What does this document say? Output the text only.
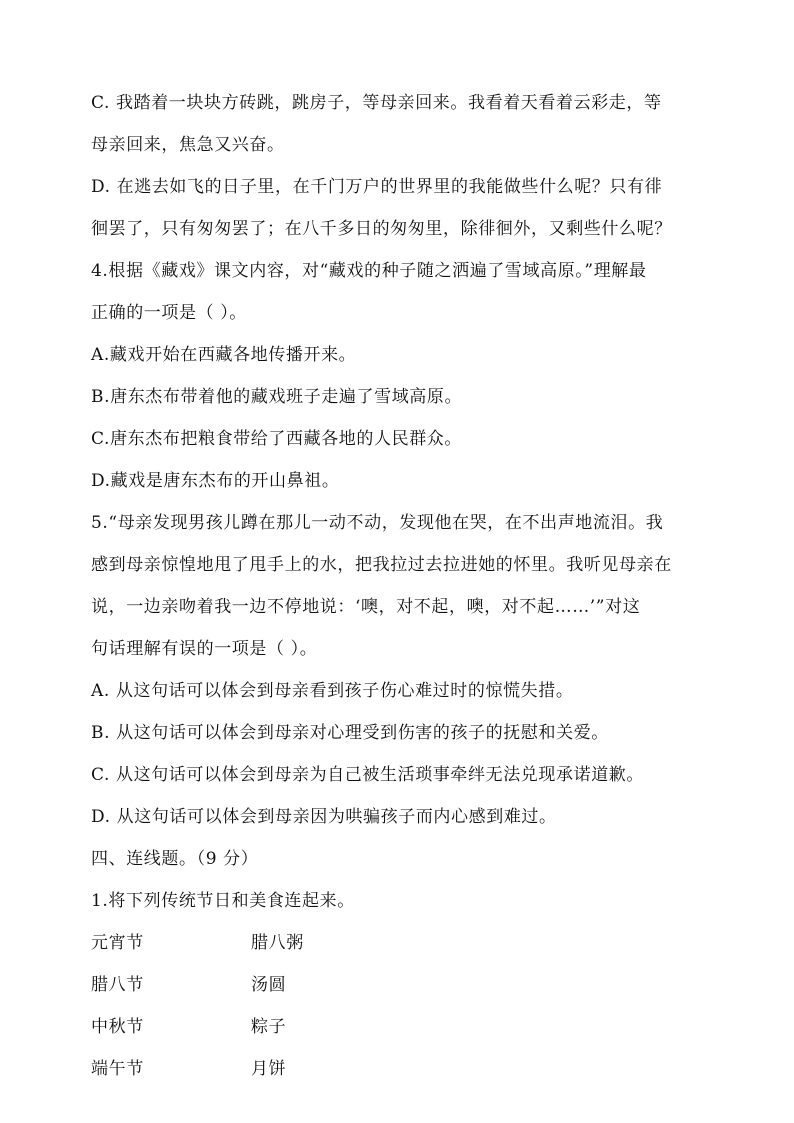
C. 我踏着一块块方砖跳，跳房子，等母亲回来。我看着天看着云彩走，等
母亲回来，焦急又兴奋。
D. 在逃去如飞的日子里，在千门万户的世界里的我能做些什么呢？只有徘
徊罢了，只有匆匆罢了；在八千多日的匆匆里，除徘徊外，又剩些什么呢？
4.根据《藏戏》课文内容，对“藏戏的种子随之洒遍了雪域高原。”理解最
正确的一项是（ ）。
A.藏戏开始在西藏各地传播开来。
B.唐东杰布带着他的藏戏班子走遍了雪域高原。
C.唐东杰布把粮食带给了西藏各地的人民群众。
D.藏戏是唐东杰布的开山鼻祖。
5.“母亲发现男孩儿蹲在那儿一动不动，发现他在哭，在不出声地流泪。我
感到母亲惊惶地甩了甩手上的水，把我拉过去拉进她的怀里。我听见母亲在
说，一边亲吻着我一边不停地说：‘噢，对不起，噢，对不起……’”对这
句话理解有误的一项是（ ）。
A. 从这句话可以体会到母亲看到孩子伤心难过时的惊慌失措。
B. 从这句话可以体会到母亲对心理受到伤害的孩子的抚慰和关爱。
C. 从这句话可以体会到母亲为自己被生活琐事牵绊无法兑现承诺道歉。
D. 从这句话可以体会到母亲因为哄骗孩子而内心感到难过。
四、连线题。（9 分）
1.将下列传统节日和美食连起来。
元宵节	腊八粥
腊八节	汤圆
中秋节	粽子
端午节	月饼
